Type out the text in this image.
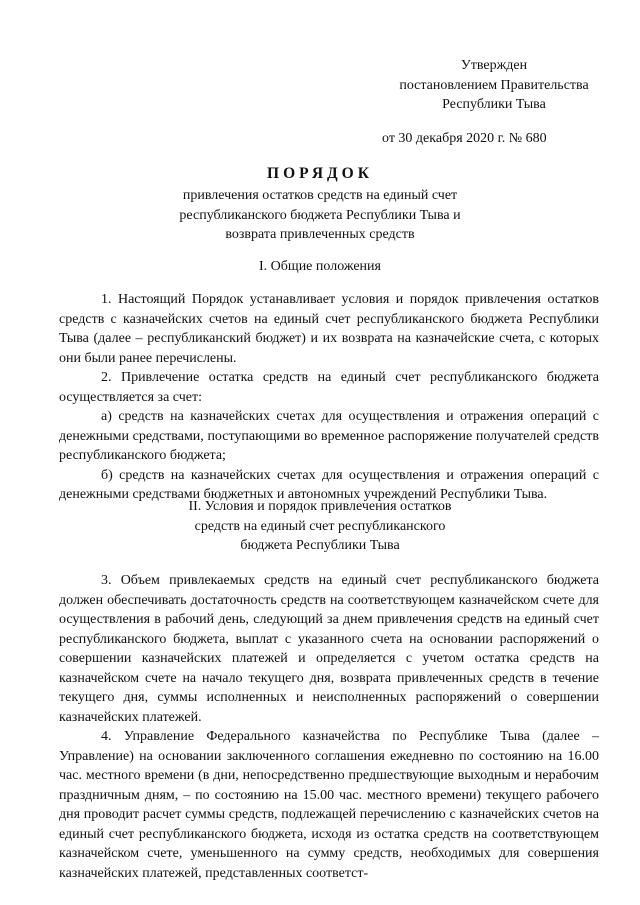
Утвержден
постановлением Правительства
Республики Тыва
от 30 декабря 2020 г. № 680
ПОРЯДОК
привлечения остатков средств на единый счет
республиканского бюджета Республики Тыва и
возврата привлеченных средств
I. Общие положения

1. Настоящий Порядок устанавливает условия и порядок привлечения остатков средств с казначейских счетов на единый счет республиканского бюджета Республики Тыва (далее – республиканский бюджет) и их возврата на казначейские счета, с которых они были ранее перечислены.

2. Привлечение остатка средств на единый счет республиканского бюджета осуществляется за счет:

а) средств на казначейских счетах для осуществления и отражения операций с денежными средствами, поступающими во временное распоряжение получателей средств республиканского бюджета;

б) средств на казначейских счетах для осуществления и отражения операций с денежными средствами бюджетных и автономных учреждений Республики Тыва.

II. Условия и порядок привлечения остатков
средств на единый счет республиканского
бюджета Республики Тыва

3. Объем привлекаемых средств на единый счет республиканского бюджета должен обеспечивать достаточность средств на соответствующем казначейском счете для осуществления в рабочий день, следующий за днем привлечения средств на единый счет республиканского бюджета, выплат с указанного счета на основании распоряжений о совершении казначейских платежей и определяется с учетом остатка средств на казначейском счете на начало текущего дня, возврата привлеченных средств в течение текущего дня, суммы исполненных и неисполненных распоряжений о совершении казначейских платежей.

4. Управление Федерального казначейства по Республике Тыва (далее – Управление) на основании заключенного соглашения ежедневно по состоянию на 16.00 час. местного времени (в дни, непосредственно предшествующие выходным и нерабочим праздничным дням, – по состоянию на 15.00 час. местного времени) текущего рабочего дня проводит расчет суммы средств, подлежащей перечислению с казначейских счетов на единый счет республиканского бюджета, исходя из остатка средств на соответствующем казначейском счете, уменьшенного на сумму средств, необходимых для совершения казначейских платежей, представленных соответст-
